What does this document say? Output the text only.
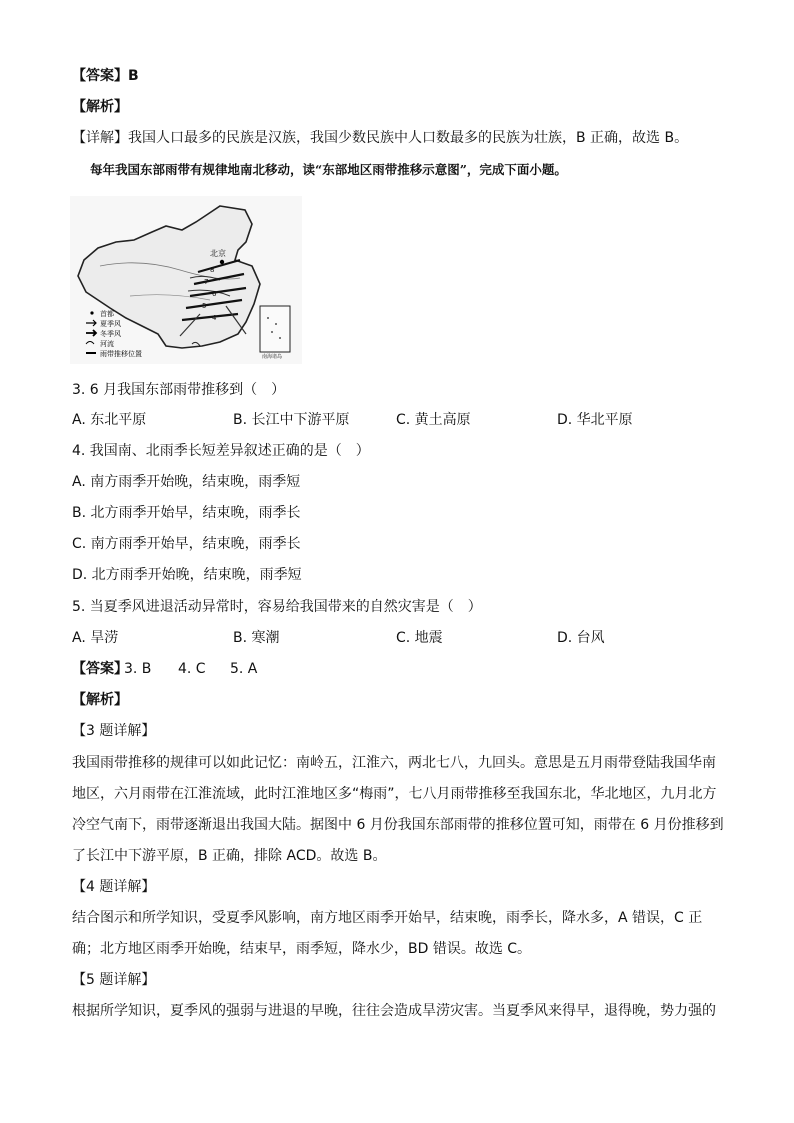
【答案】B
【解析】
【详解】我国人口最多的民族是汉族，我国少数民族中人口数最多的民族为壮族，B 正确，故选 B。
每年我国东部雨带有规律地南北移动，读“东部地区雨带推移示意图”，完成下面小题。
北京
8
7
6
5
4
首都
夏季风
冬季风
河流
雨带推移位置	南海诸岛
3. 6 月我国东部雨带推移到（　）
A. 东北平原	B. 长江中下游平原	C. 黄土高原	D. 华北平原
4. 我国南、北雨季长短差异叙述正确的是（　）
A. 南方雨季开始晚，结束晚，雨季短
B. 北方雨季开始早，结束晚，雨季长
C. 南方雨季开始早，结束晚，雨季长
D. 北方雨季开始晚，结束晚，雨季短
5. 当夏季风进退活动异常时，容易给我国带来的自然灾害是（　）
A. 旱涝	B. 寒潮	C. 地震	D. 台风
【答案】
3. B 4. C 5. A
【解析】
【3 题详解】
我国雨带推移的规律可以如此记忆：南岭五，江淮六，两北七八，九回头。意思是五月雨带登陆我国华南
地区，六月雨带在江淮流域，此时江淮地区多“梅雨”，七八月雨带推移至我国东北，华北地区，九月北方
冷空气南下，雨带逐渐退出我国大陆。据图中 6 月份我国东部雨带的推移位置可知，雨带在 6 月份推移到
了长江中下游平原，B 正确，排除 ACD。故选 B。
【4 题详解】
结合图示和所学知识，受夏季风影响，南方地区雨季开始早，结束晚，雨季长，降水多，A 错误，C 正
确；北方地区雨季开始晚，结束早，雨季短，降水少，BD 错误。故选 C。
【5 题详解】
根据所学知识，夏季风的强弱与进退的早晚，往往会造成旱涝灾害。当夏季风来得早，退得晚，势力强的
